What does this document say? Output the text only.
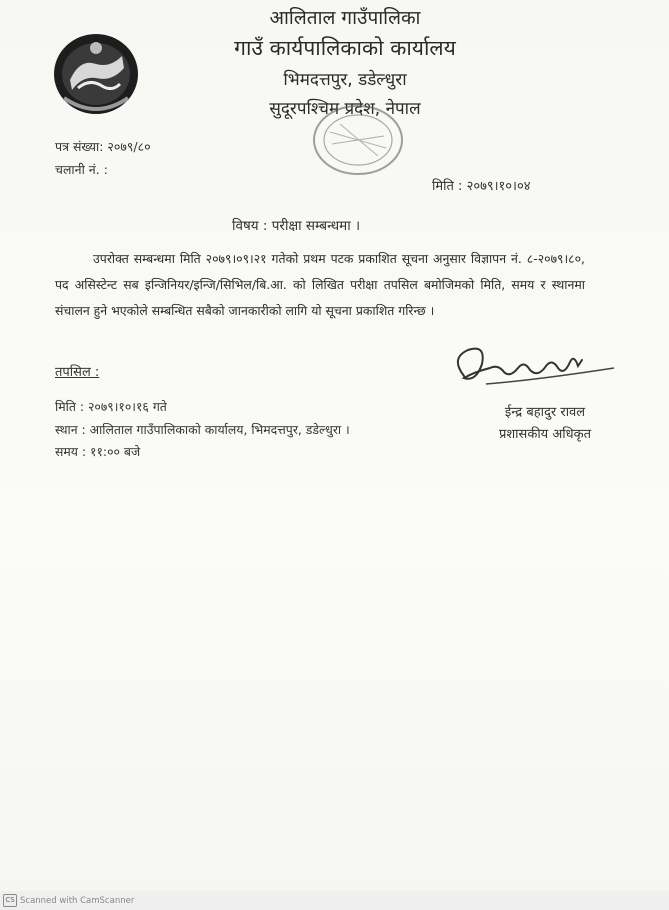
आलिताल गाउँपालिका
गाउँ कार्यपालिकाको कार्यालय
भिमदत्तपुर, डडेल्धुरा
सुदूरपश्चिम प्रदेश, नेपाल
पत्र संख्या: २०७९/८०
चलानी नं. :
मिति : २०७९।१०।०४
विषय : परीक्षा सम्बन्धमा ।
उपरोक्त सम्बन्धमा मिति २०७९।०९।२१ गतेको प्रथम पटक प्रकाशित सूचना अनुसार विज्ञापन नं. ८-२०७९।८०, पद असिस्टेन्ट सब इन्जिनियर/इन्जि/सिभिल/बि.आ. को लिखित परीक्षा तपसिल बमोजिमको मिति, समय र स्थानमा संचालन हुने भएकोले सम्बन्धित सबैको जानकारीको लागि यो सूचना प्रकाशित गरिन्छ ।
तपसिल :
मिति : २०७९।१०।१६ गते
स्थान : आलिताल गाउँपालिकाको कार्यालय, भिमदत्तपुर, डडेल्धुरा ।
समय : ११:०० बजे
ईन्द्र बहादुर रावल
प्रशासकीय अधिकृत
CS Scanned with CamScanner
